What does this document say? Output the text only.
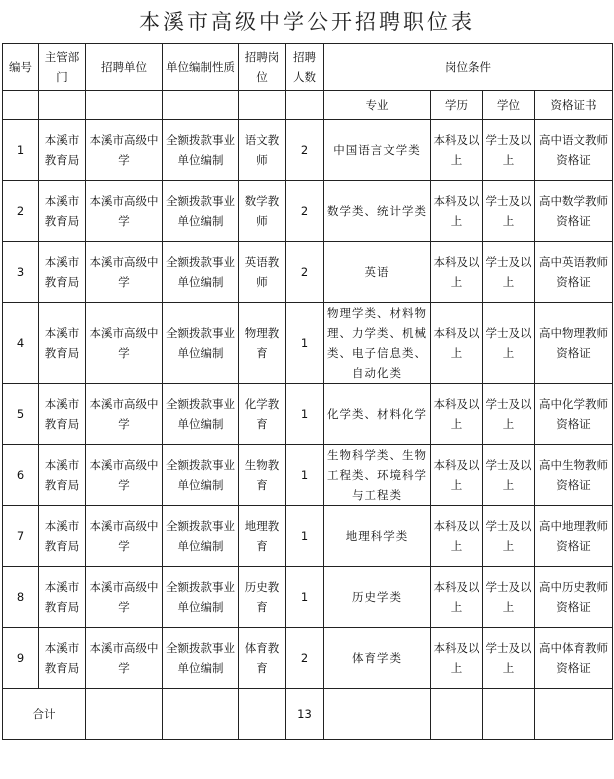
本溪市高级中学公开招聘职位表
编号	主管部门	招聘单位	单位编制性质	招聘岗位	招聘人数	岗位条件			
						专业	学历	学位	资格证书
1	本溪市教育局	本溪市高级中学	全额拨款事业单位编制	语文教师	2	中国语言文学类	本科及以上	学士及以上	高中语文教师资格证
2	本溪市教育局	本溪市高级中学	全额拨款事业单位编制	数学教师	2	数学类、统计学类	本科及以上	学士及以上	高中数学教师资格证
3	本溪市教育局	本溪市高级中学	全额拨款事业单位编制	英语教师	2	英语	本科及以上	学士及以上	高中英语教师资格证
4	本溪市教育局	本溪市高级中学	全额拨款事业单位编制	物理教育	1	物理学类、材料物理、力学类、机械类、电子信息类、自动化类	本科及以上	学士及以上	高中物理教师资格证
5	本溪市教育局	本溪市高级中学	全额拨款事业单位编制	化学教育	1	化学类、材料化学	本科及以上	学士及以上	高中化学教师资格证
6	本溪市教育局	本溪市高级中学	全额拨款事业单位编制	生物教育	1	生物科学类、生物工程类、环境科学与工程类	本科及以上	学士及以上	高中生物教师资格证
7	本溪市教育局	本溪市高级中学	全额拨款事业单位编制	地理教育	1	地理科学类	本科及以上	学士及以上	高中地理教师资格证
8	本溪市教育局	本溪市高级中学	全额拨款事业单位编制	历史教育	1	历史学类	本科及以上	学士及以上	高中历史教师资格证
9	本溪市教育局	本溪市高级中学	全额拨款事业单位编制	体育教育	2	体育学类	本科及以上	学士及以上	高中体育教师资格证
合计					13				
